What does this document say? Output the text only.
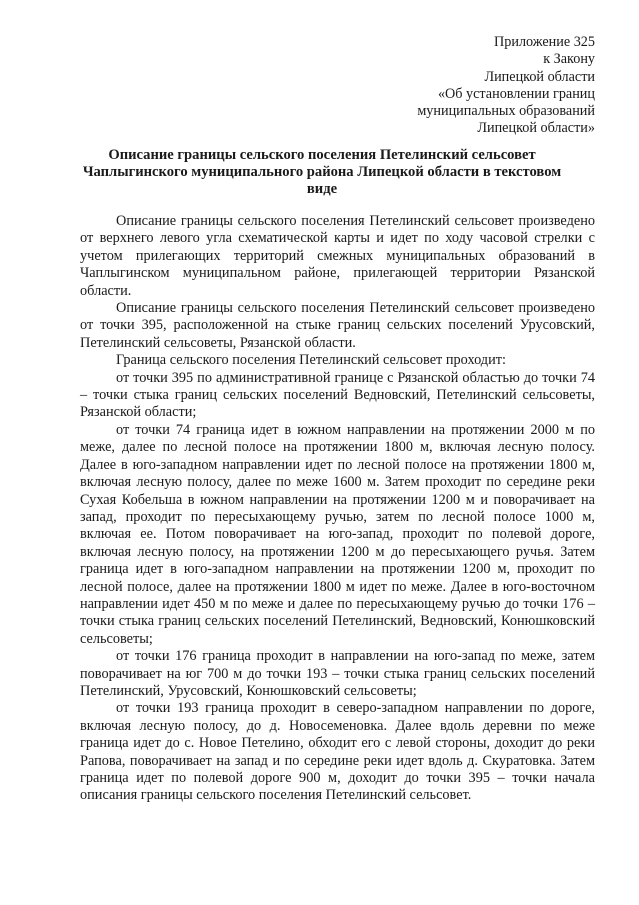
Приложение 325
к Закону
Липецкой области
«Об установлении границ
муниципальных образований
Липецкой области»
Описание границы сельского поселения Петелинский сельсовет Чаплыгинского муниципального района Липецкой области в текстовом виде

Описание границы сельского поселения Петелинский сельсовет произведено от верхнего левого угла схематической карты и идет по ходу часовой стрелки с учетом прилегающих территорий смежных муниципальных образований в Чаплыгинском муниципальном районе, прилегающей территории Рязанской области.

Описание границы сельского поселения Петелинский сельсовет произведено от точки 395, расположенной на стыке границ сельских поселений Урусовский, Петелинский сельсоветы, Рязанской области.

Граница сельского поселения Петелинский сельсовет проходит:

от точки 395 по административной границе с Рязанской областью до точки 74 – точки стыка границ сельских поселений Ведновский, Петелинский сельсоветы, Рязанской области;

от точки 74 граница идет в южном направлении на протяжении 2000 м по меже, далее по лесной полосе на протяжении 1800 м, включая лесную полосу. Далее в юго-западном направлении идет по лесной полосе на протяжении 1800 м, включая лесную полосу, далее по меже 1600 м. Затем проходит по середине реки Сухая Кобельша в южном направлении на протяжении 1200 м и поворачивает на запад, проходит по пересыхающему ручью, затем по лесной полосе 1000 м, включая ее. Потом поворачивает на юго-запад, проходит по полевой дороге, включая лесную полосу, на протяжении 1200 м до пересыхающего ручья. Затем граница идет в юго-западном направлении на протяжении 1200 м, проходит по лесной полосе, далее на протяжении 1800 м идет по меже. Далее в юго-восточном направлении идет 450 м по меже и далее по пересыхающему ручью до точки 176 – точки стыка границ сельских поселений Петелинский, Ведновский, Конюшковский сельсоветы;

от точки 176 граница проходит в направлении на юго-запад по меже, затем поворачивает на юг 700 м до точки 193 – точки стыка границ сельских поселений Петелинский, Урусовский, Конюшковский сельсоветы;

от точки 193 граница проходит в северо-западном направлении по дороге, включая лесную полосу, до д. Новосеменовка. Далее вдоль деревни по меже граница идет до с. Новое Петелино, обходит его с левой стороны, доходит до реки Рапова, поворачивает на запад и по середине реки идет вдоль д. Скуратовка. Затем граница идет по полевой дороге 900 м, доходит до точки 395 – точки начала описания границы сельского поселения Петелинский сельсовет.
